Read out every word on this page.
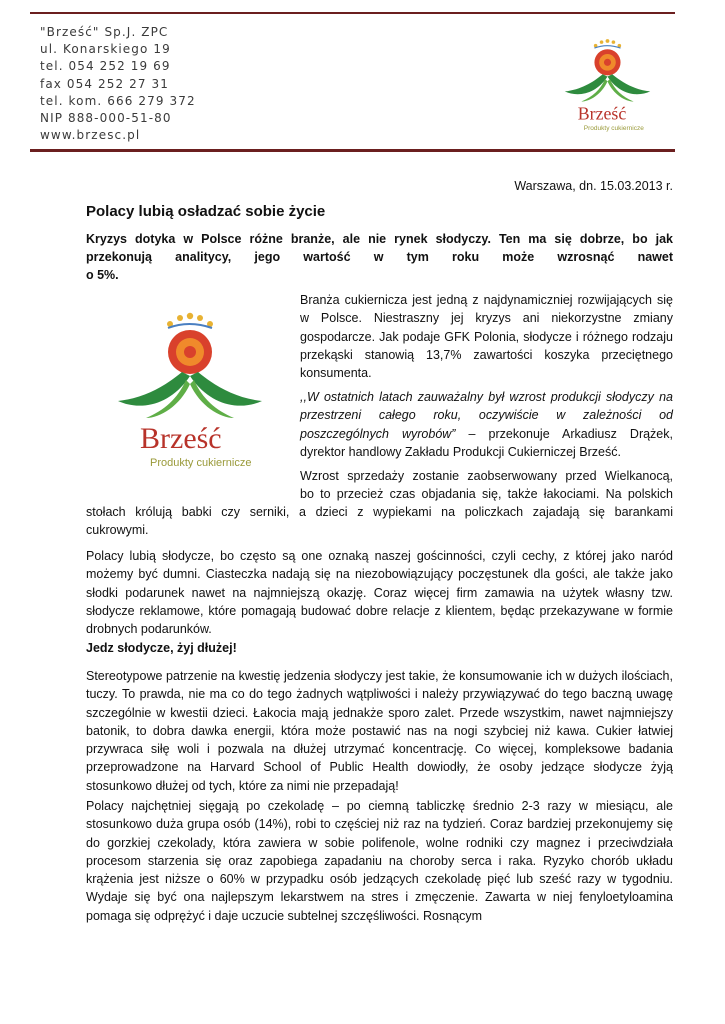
"Brześć" Sp.J. ZPC
ul. Konarskiego 19
tel. 054 252 19 69
fax 054 252 27 31
tel. kom. 666 279 372
NIP 888-000-51-80
www.brzesc.pl
Brześć
Produkty cukiernicze
Warszawa, dn. 15.03.2013 r.
Polacy lubią osładzać sobie życie
Kryzys dotyka w Polsce różne branże, ale nie rynek słodyczy. Ten ma się dobrze, bo jak
przekonują analitycy, jego wartość w tym roku może wzrosnąć nawet
o 5%.
Brześć
Produkty cukiernicze
Branża cukiernicza jest jedną z najdynamiczniej rozwijających się w Polsce. Niestraszny jej kryzys ani niekorzystne zmiany gospodarcze. Jak podaje GFK Polonia, słodycze i różnego rodzaju przekąski stanowią 13,7% zawartości koszyka przeciętnego konsumenta.
,,W ostatnich latach zauważalny był wzrost produkcji słodyczy na przestrzeni całego roku, oczywiście w zależności od poszczególnych wyrobów” – przekonuje Arkadiusz Drążek, dyrektor handlowy Zakładu Produkcji Cukierniczej Brześć.
Wzrost sprzedaży zostanie zaobserwowany przed Wielkanocą,
bo to przecież czas objadania się, także łakociami. Na polskich
stołach królują babki czy serniki, a dzieci z wypiekami na policzkach zajadają się barankami
cukrowymi.
Polacy lubią słodycze, bo często są one oznaką naszej gościnności, czyli cechy, z której jako naród możemy być dumni. Ciasteczka nadają się na niezobowiązujący poczęstunek dla gości, ale także jako słodki podarunek nawet na najmniejszą okazję. Coraz więcej firm zamawia na użytek własny tzw. słodycze reklamowe, które pomagają budować dobre relacje z klientem, będąc przekazywane w formie drobnych podarunków.
Jedz słodycze, żyj dłużej!
Stereotypowe patrzenie na kwestię jedzenia słodyczy jest takie, że konsumowanie ich w dużych ilościach, tuczy. To prawda, nie ma co do tego żadnych wątpliwości i należy przywiązywać do tego baczną uwagę szczególnie w kwestii dzieci. Łakocia mają jednakże sporo zalet. Przede wszystkim, nawet najmniejszy batonik, to dobra dawka energii, która może postawić nas na nogi szybciej niż kawa. Cukier łatwiej przywraca siłę woli i pozwala na dłużej utrzymać koncentrację. Co więcej, kompleksowe badania przeprowadzone na Harvard School of Public Health dowiodły, że osoby jedzące słodycze żyją stosunkowo dłużej od tych, które za nimi nie przepadają!
Polacy najchętniej sięgają po czekoladę – po ciemną tabliczkę średnio 2-3 razy w miesiącu, ale stosunkowo duża grupa osób (14%), robi to częściej niż raz na tydzień. Coraz bardziej przekonujemy się do gorzkiej czekolady, która zawiera w sobie polifenole, wolne rodniki czy magnez i przeciwdziała procesom starzenia się oraz zapobiega zapadaniu na choroby serca i raka. Ryzyko chorób układu krążenia jest niższe o 60% w przypadku osób jedzących czekoladę pięć lub sześć razy w tygodniu. Wydaje się być ona najlepszym lekarstwem na stres i zmęczenie. Zawarta w niej fenyloetyloamina pomaga się odprężyć i daje uczucie subtelnej szczęśliwości. Rosnącym
